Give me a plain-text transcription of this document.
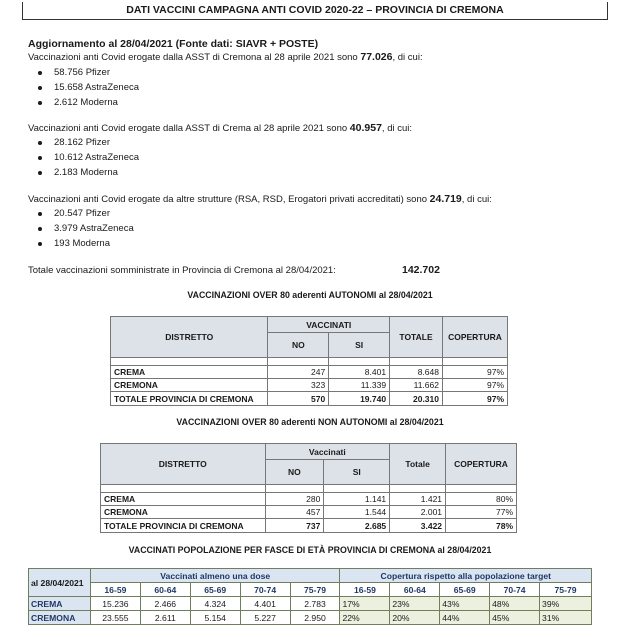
DATI VACCINI CAMPAGNA ANTI COVID 2020-22 – PROVINCIA DI CREMONA
Aggiornamento al 28/04/2021 (Fonte dati: SIAVR + POSTE)
Vaccinazioni anti Covid erogate dalla ASST di Cremona al 28 aprile 2021 sono 77.026, di cui:
58.756 Pfizer
15.658 AstraZeneca
2.612 Moderna
Vaccinazioni anti Covid erogate dalla ASST di Crema al 28 aprile 2021 sono 40.957, di cui:
28.162 Pfizer
10.612 AstraZeneca
2.183 Moderna
Vaccinazioni anti Covid erogate da altre strutture (RSA, RSD, Erogatori privati accreditati) sono 24.719, di cui:
20.547 Pfizer
3.979 AstraZeneca
193 Moderna
Totale vaccinazioni somministrate in Provincia di Cremona al 28/04/2021:	142.702
VACCINAZIONI OVER 80 aderenti AUTONOMI al 28/04/2021
DISTRETTO	VACCINATI		TOTALE	COPERTURA
	NO	SI		

CREMA	247	8.401	8.648	97%
CREMONA	323	11.339	11.662	97%
TOTALE PROVINCIA DI CREMONA	570	19.740	20.310	97%
VACCINAZIONI OVER 80 aderenti NON AUTONOMI al 28/04/2021
DISTRETTO	Vaccinati		Totale	COPERTURA
	NO	SI		

CREMA	280	1.141	1.421	80%
CREMONA	457	1.544	2.001	77%
TOTALE PROVINCIA DI CREMONA	737	2.685	3.422	78%
VACCINATI POPOLAZIONE PER FASCE DI ETÀ PROVINCIA DI CREMONA al 28/04/2021
al 28/04/2021	Vaccinati almeno una dose					Copertura rispetto alla popolazione target				
	16-59	60-64	65-69	70-74	75-79	16-59	60-64	65-69	70-74	75-79
CREMA	15.236	2.466	4.324	4.401	2.783	17%	23%	43%	48%	39%
CREMONA	23.555	2.611	5.154	5.227	2.950	22%	20%	44%	45%	31%
